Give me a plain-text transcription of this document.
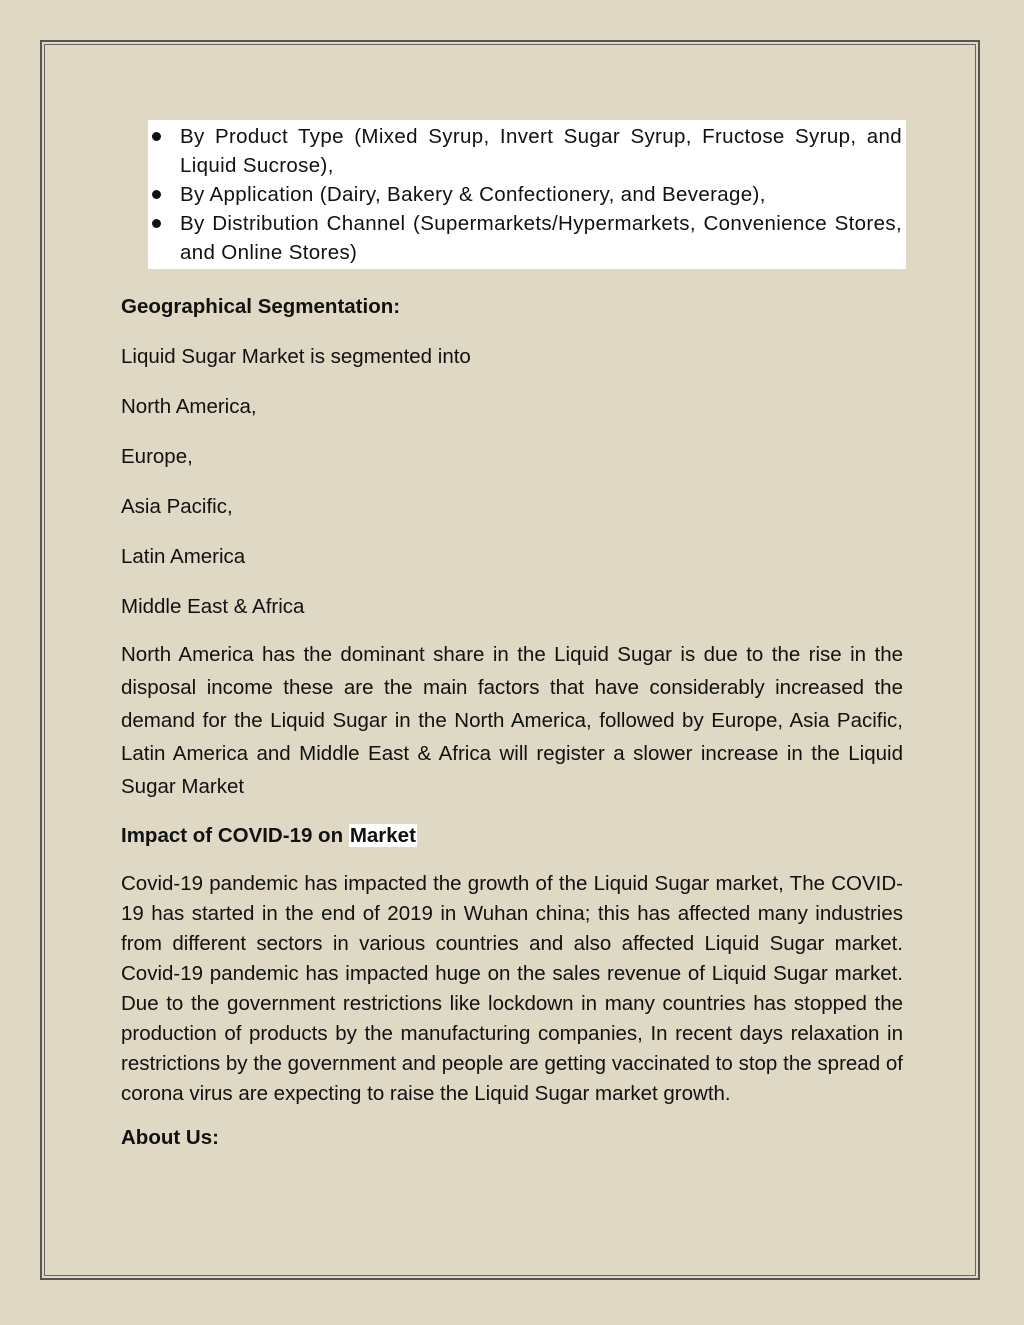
By Product Type (Mixed Syrup, Invert Sugar Syrup, Fructose Syrup, and Liquid Sucrose),
By Application (Dairy, Bakery & Confectionery, and Beverage),
By Distribution Channel (Supermarkets/Hypermarkets, Convenience Stores, and Online Stores)

Geographical Segmentation:

Liquid Sugar Market is segmented into

North America,

Europe,

Asia Pacific,

Latin America

Middle East & Africa

North America has the dominant share in the Liquid Sugar is due to the rise in the disposal income these are the main factors that have considerably increased the demand for the Liquid Sugar in the North America, followed by Europe, Asia Pacific, Latin America and Middle East & Africa will register a slower increase in the Liquid Sugar Market

Impact of COVID-19 on Market

Covid-19 pandemic has impacted the growth of the Liquid Sugar market, The COVID-19 has started in the end of 2019 in Wuhan china; this has affected many industries from different sectors in various countries and also affected Liquid Sugar market. Covid-19 pandemic has impacted huge on the sales revenue of Liquid Sugar market. Due to the government restrictions like lockdown in many countries has stopped the production of products by the manufacturing companies, In recent days relaxation in restrictions by the government and people are getting vaccinated to stop the spread of corona virus are expecting to raise the Liquid Sugar market growth.

About Us:
